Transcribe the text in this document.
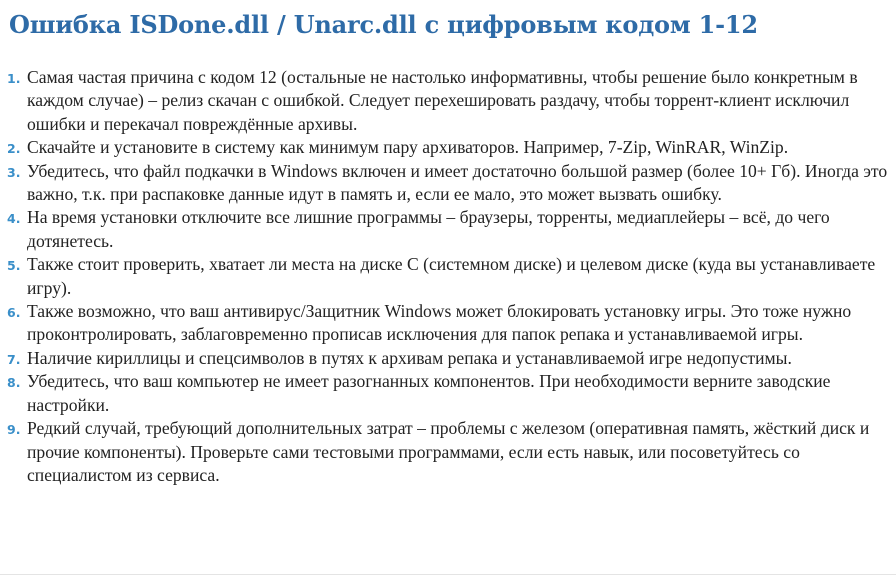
Ошибка ISDone.dll / Unarc.dll с цифровым кодом 1-12
1. Самая частая причина с кодом 12 (остальные не настолько информативны, чтобы решение было конкретным в каждом случае) – релиз скачан с ошибкой. Следует перехешировать раздачу, чтобы торрент-клиент исключил ошибки и перекачал повреждённые архивы.
2. Скачайте и установите в систему как минимум пару архиваторов. Например, 7-Zip, WinRAR, WinZip.
3. Убедитесь, что файл подкачки в Windows включен и имеет достаточно большой размер (более 10+ Гб). Иногда это важно, т.к. при распаковке данные идут в память и, если ее мало, это может вызвать ошибку.
4. На время установки отключите все лишние программы – браузеры, торренты, медиаплейеры – всё, до чего дотянетесь.
5. Также стоит проверить, хватает ли места на диске C (системном диске) и целевом диске (куда вы устанавливаете игру).
6. Также возможно, что ваш антивирус/Защитник Windows может блокировать установку игры. Это тоже нужно проконтролировать, заблаговременно прописав исключения для папок репака и устанавливаемой игры.
7. Наличие кириллицы и спецсимволов в путях к архивам репака и устанавливаемой игре недопустимы.
8. Убедитесь, что ваш компьютер не имеет разогнанных компонентов. При необходимости верните заводские настройки.
9. Редкий случай, требующий дополнительных затрат – проблемы с железом (оперативная память, жёсткий диск и прочие компоненты). Проверьте сами тестовыми программами, если есть навык, или посоветуйтесь со специалистом из сервиса.
